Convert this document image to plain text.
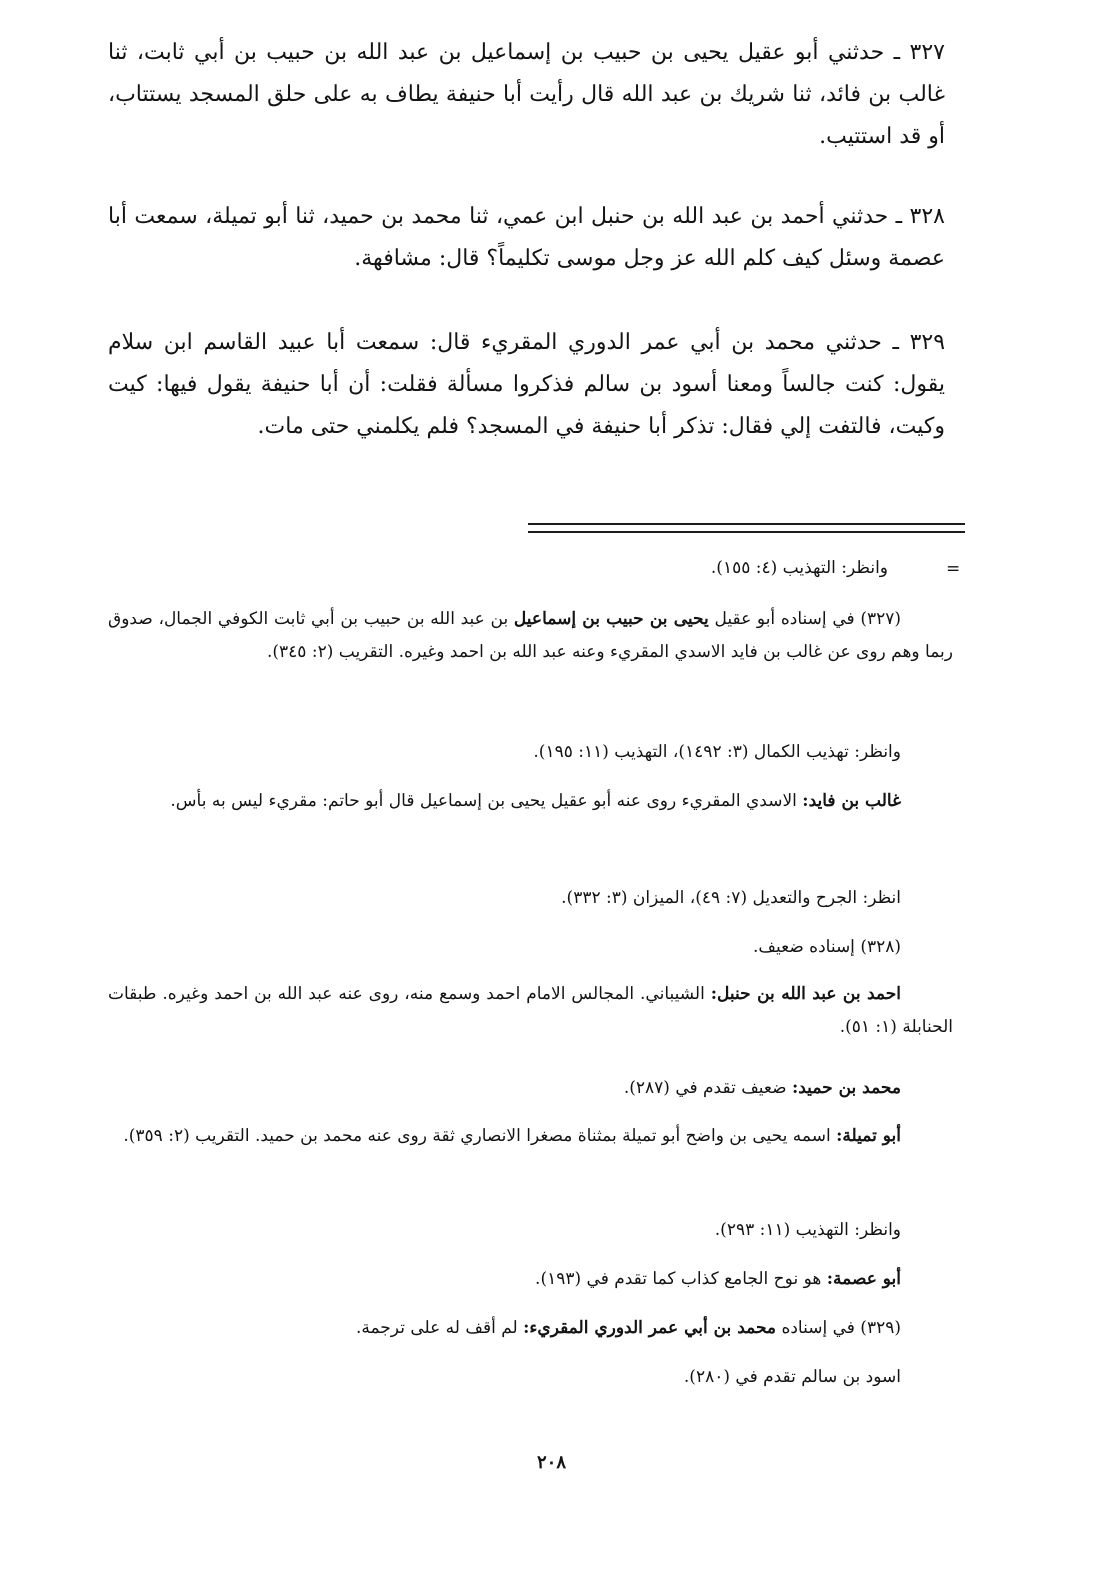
٣٢٧ ـ حدثني أبو عقيل يحيى بن حبيب بن إسماعيل بن عبد الله بن حبيب بن أبي ثابت، ثنا غالب بن فائد، ثنا شريك بن عبد الله قال رأيت أبا حنيفة يطاف به على حلق المسجد يستتاب، أو قد استتيب.

٣٢٨ ـ حدثني أحمد بن عبد الله بن حنبل ابن عمي، ثنا محمد بن حميد، ثنا أبو تميلة، سمعت أبا عصمة وسئل كيف كلم الله عز وجل موسى تكليماً؟ قال: مشافهة.

٣٢٩ ـ حدثني محمد بن أبي عمر الدوري المقريء قال: سمعت أبا عبيد القاسم ابن سلام يقول: كنت جالساً ومعنا أسود بن سالم فذكروا مسألة فقلت: أن أبا حنيفة يقول فيها: كيت وكيت، فالتفت إلي فقال: تذكر أبا حنيفة في المسجد؟ فلم يكلمني حتى مات.

=

وانظر: التهذيب (٤: ١٥٥).

(٣٢٧) في إسناده أبو عقيل يحيى بن حبيب بن إسماعيل بن عبد الله بن حبيب بن أبي ثابت الكوفي الجمال، صدوق ربما وهم روى عن غالب بن فايد الاسدي المقريء وعنه عبد الله بن احمد وغيره. التقريب (٢: ٣٤٥).

وانظر: تهذيب الكمال (٣: ١٤٩٢)، التهذيب (١١: ١٩٥).

غالب بن فايد: الاسدي المقريء روى عنه أبو عقيل يحيى بن إسماعيل قال أبو حاتم: مقريء ليس به بأس.

انظر: الجرح والتعديل (٧: ٤٩)، الميزان (٣: ٣٣٢).

(٣٢٨) إسناده ضعيف.

احمد بن عبد الله بن حنبل: الشيباني. المجالس الامام احمد وسمع منه، روى عنه عبد الله بن احمد وغيره. طبقات الحنابلة (١: ٥١).

محمد بن حميد: ضعيف تقدم في (٢٨٧).

أبو تميلة: اسمه يحيى بن واضح أبو تميلة بمثناة مصغرا الانصاري ثقة روى عنه محمد بن حميد. التقريب (٢: ٣٥٩).

وانظر: التهذيب (١١: ٢٩٣).

أبو عصمة: هو نوح الجامع كذاب كما تقدم في (١٩٣).

(٣٢٩) في إسناده محمد بن أبي عمر الدوري المقريء: لم أقف له على ترجمة.

اسود بن سالم تقدم في (٢٨٠).

٢٠٨
